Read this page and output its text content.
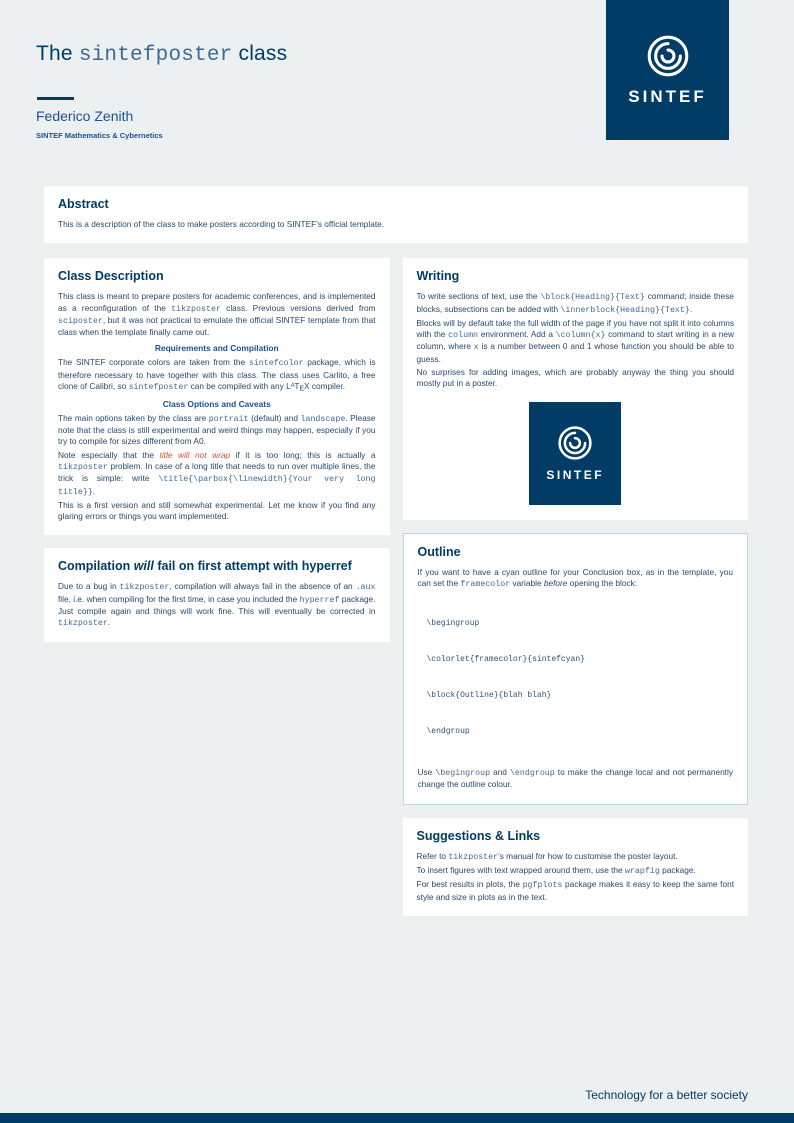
The sintefposter class
Federico Zenith
SINTEF Mathematics & Cybernetics
SINTEF
Abstract

This is a description of the class to make posters according to SINTEF's official template.

Class Description

This class is meant to prepare posters for academic conferences, and is implemented as a reconfiguration of the tikzposter class. Previous versions derived from sciposter, but it was not practical to emulate the official SINTEF template from that class when the template finally came out.

Requirements and Compilation

The SINTEF corporate colors are taken from the sintefcolor package, which is therefore necessary to have together with this class. The class uses Carlito, a free clone of Calibri, so sintefposter can be compiled with any $L^ATEX$ compiler.

Class Options and Caveats

The main options taken by the class are portrait (default) and landscape. Please note that the class is still experimental and weird things may happen, especially if you try to compile for sizes different from A0.

Note especially that the title will not wrap if it is too long; this is actually a tikzposter problem. In case of a long title that needs to run over multiple lines, the trick is simple: write \title{\parbox{\linewidth}{Your very long title}}.

This is a first version and still somewhat experimental. Let me know if you find any glaring errors or things you want implemented.

Compilation will fail on first attempt with hyperref

Due to a bug in tikzposter, compilation will always fail in the absence of an .aux file, i.e. when compiling for the first time, in case you included the hyperref package. Just compile again and things will work fine. This will eventually be corrected in tikzposter.

Writing

To write sections of text, use the \block{Heading}{Text} command; inside these blocks, subsections can be added with \innerblock{Heading}{Text}.

Blocks will by default take the full width of the page if you have not split it into columns with the column environment. Add a \column{x} command to start writing in a new column, where x is a number between 0 and 1 whose function you should be able to guess.

No surprises for adding images, which are probably anyway the thing you should mostly put in a poster.

SINTEF
Outline

If you want to have a cyan outline for your Conclusion box, as in the template, you can set the framecolor variable before opening the block:

\begingroup

\colorlet{framecolor}{sintefcyan}

\block{Outline}{blah blah}

\endgroup

Use \begingroup and \endgroup to make the change local and not permanently change the outline colour.

Suggestions & Links

Refer to tikzposter's manual for how to customise the poster layout.

To insert figures with text wrapped around them, use the wrapfig package.

For best results in plots, the pgfplots package makes it easy to keep the same font style and size in plots as in the text.

Technology for a better society
